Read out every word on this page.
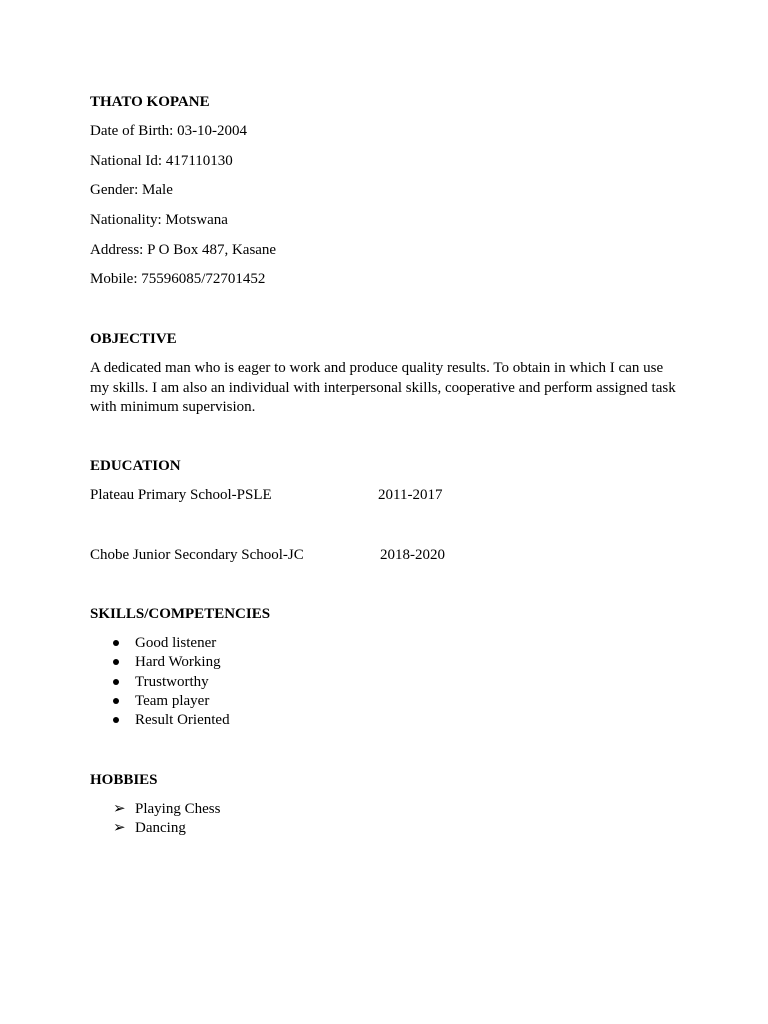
THATO KOPANE
Date of Birth: 03-10-2004
National Id: 417110130
Gender: Male
Nationality: Motswana
Address: P O Box 487, Kasane
Mobile: 75596085/72701452
OBJECTIVE
A dedicated man who is eager to work and produce quality results. To obtain in which I can use my skills. I am also an individual with interpersonal skills, cooperative and perform assigned task with minimum supervision.
EDUCATION
Plateau Primary School-PSLE	2011-2017
Chobe Junior Secondary School-JC	2018-2020
SKILLS/COMPETENCIES
Good listener
Hard Working
Trustworthy
Team player
Result Oriented
HOBBIES
➢ Playing Chess
➢ Dancing
